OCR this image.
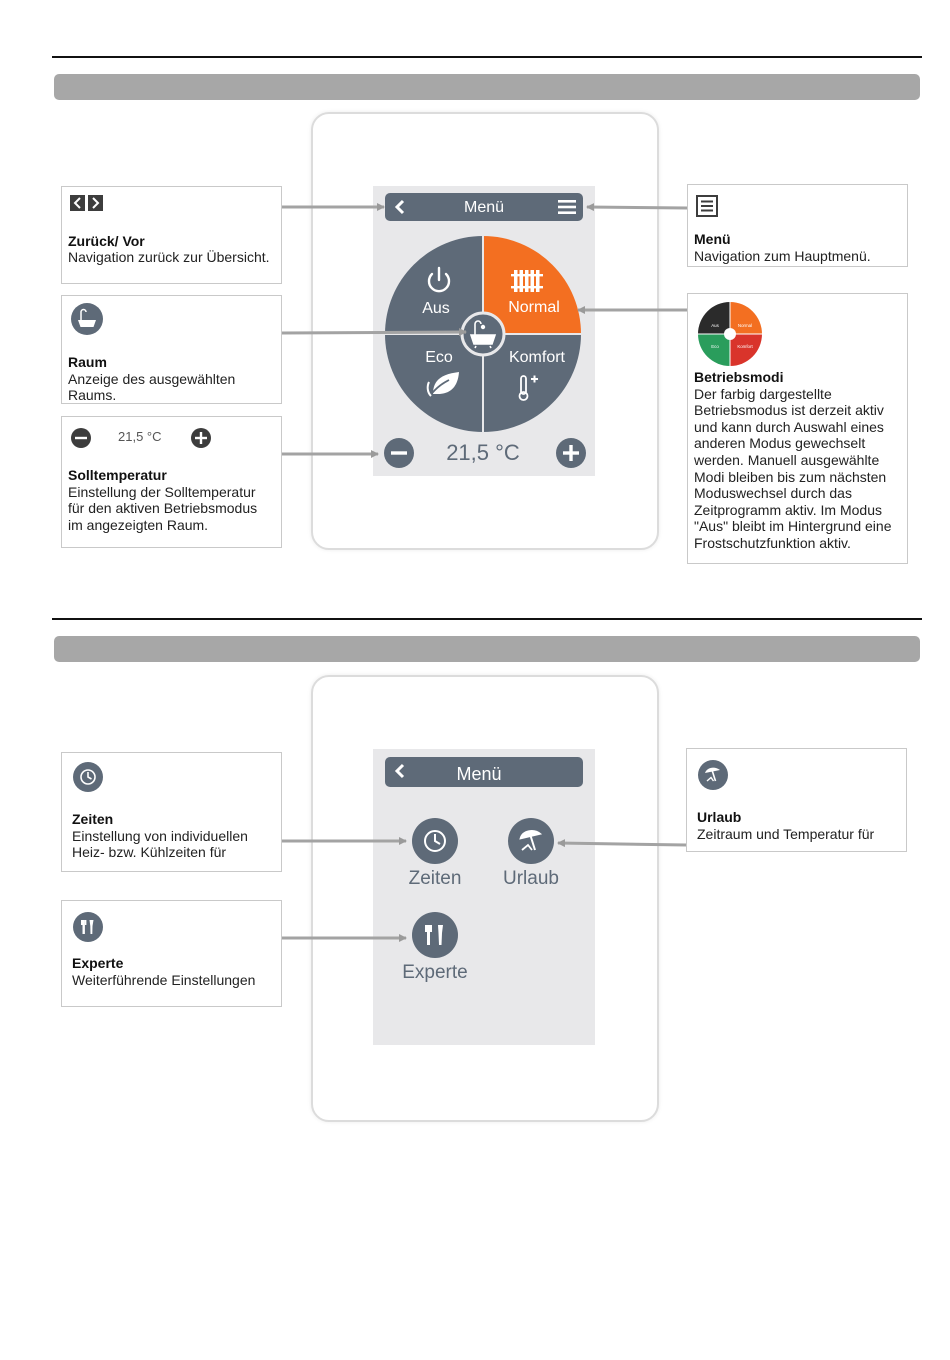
Menü
Aus	Normal
Eco	Komfort
21,5 °C
Zurück/ Vor
Navigation zurück zur Übersicht.
Raum
Anzeige des ausgewählten Raums.
21,5 °C
Solltemperatur
Einstellung der Solltemperatur für den aktiven Betriebsmodus im angezeigten Raum.
Menü
Navigation zum Hauptmenü.
Aus	Normal
Eco	Komfort
Betriebsmodi
Der farbig dargestellte Betriebsmodus ist derzeit aktiv und kann durch Auswahl eines anderen Modus gewechselt werden. Manuell ausgewählte Modi bleiben bis zum nächsten Moduswechsel durch das Zeitprogramm aktiv. Im Modus "Aus" bleibt im Hintergrund eine Frostschutzfunktion aktiv.
Menü
Zeiten	Urlaub
Experte
Zeiten
Einstellung von individuellen Heiz- bzw. Kühlzeiten für
Experte
Weiterführende Einstellungen
Urlaub
Zeitraum und Temperatur für
